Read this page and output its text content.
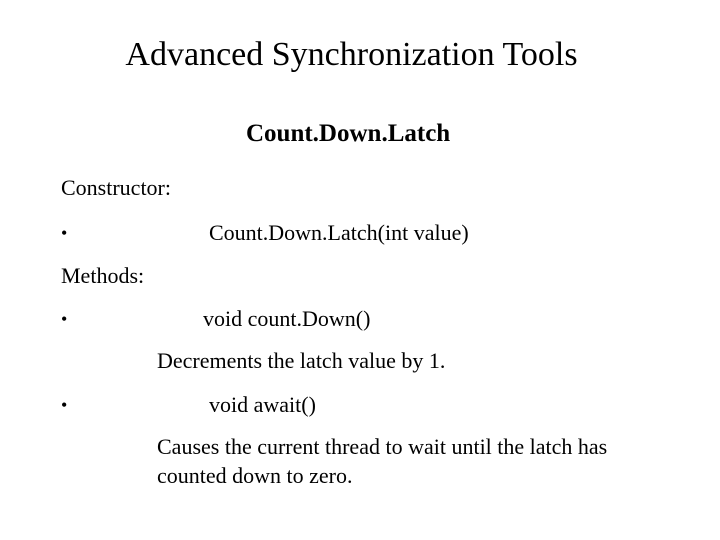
Advanced Synchronization Tools
Count.Down.Latch
Constructor:
•	Count.Down.Latch(int value)
Methods:
•	void count.Down()
Decrements the latch value by 1.
•	void await()
Causes the current thread to wait until the latch has counted down to zero.
